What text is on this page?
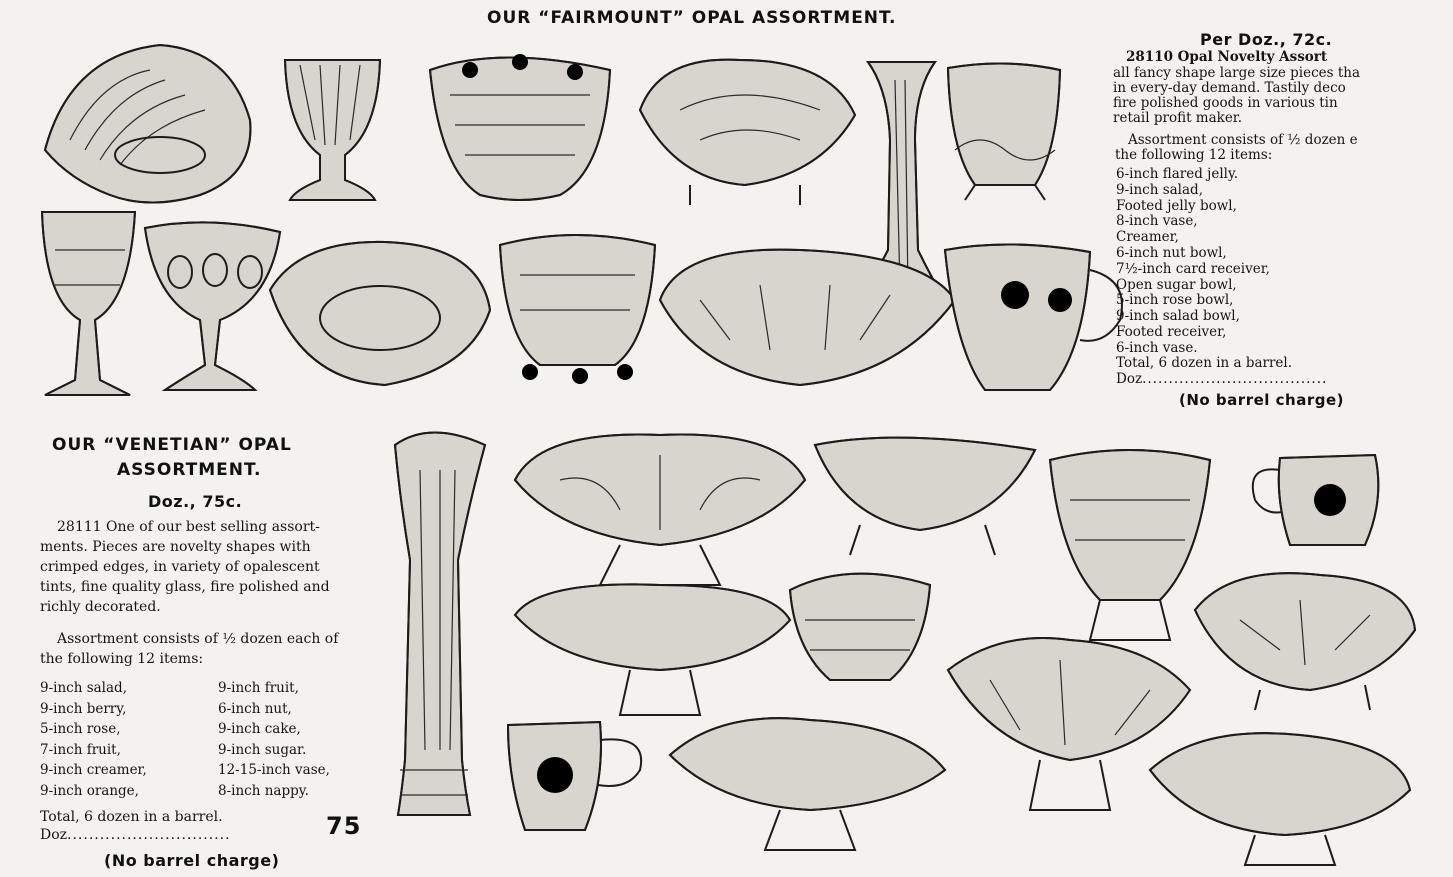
OUR “FAIRMOUNT” OPAL ASSORTMENT.
Per Doz., 72c.
28110 Opal Novelty Assort
all fancy shape large size pieces tha
in every-day demand. Tastily deco
fire polished goods in various tin
retail profit maker.
Assortment consists of ½ dozen e
the following 12 items:
6-inch flared jelly.
9-inch salad,
Footed jelly bowl,
8-inch vase,
Creamer,
6-inch nut bowl,
7½-inch card receiver,
Open sugar bowl,
5-inch rose bowl,
9-inch salad bowl,
Footed receiver,
6-inch vase.
Total, 6 dozen in a barrel.
Doz...................................
(No barrel charge)
OUR “VENETIAN” OPAL
ASSORTMENT.
Doz., 75c.
28111 One of our best selling assort-
ments. Pieces are novelty shapes with
crimped edges, in variety of opalescent
tints, fine quality glass, fire polished and
richly decorated.
Assortment consists of ½ dozen each of
the following 12 items:
9-inch salad,
9-inch berry,
5-inch rose,
7-inch fruit,
9-inch creamer,
9-inch orange,
9-inch fruit,
6-inch nut,
9-inch cake,
9-inch sugar.
12-15-inch vase,
8-inch nappy.
Total, 6 dozen in a barrel.
Doz..............................	75
(No barrel charge)
